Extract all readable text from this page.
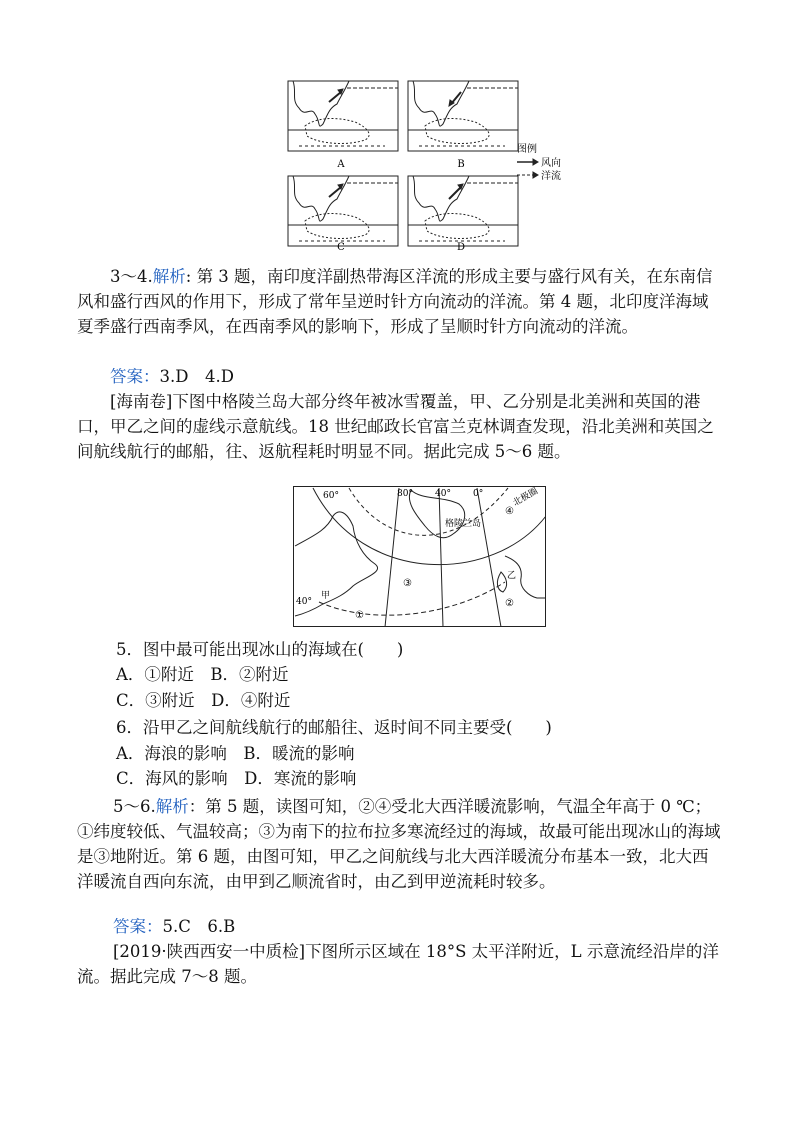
A	B
C	D
图例
风向
洋流

3～4.解析: 第 3 题，南印度洋副热带海区洋流的形成主要与盛行风有关，在东南信风和盛行西风的作用下，形成了常年呈逆时针方向流动的洋流。第 4 题，北印度洋海域夏季盛行西南季风，在西南季风的影响下，形成了呈顺时针方向流动的洋流。

答案：3.D　4.D

[海南卷]下图中格陵兰岛大部分终年被冰雪覆盖，甲、乙分别是北美洲和英国的港口，甲乙之间的虚线示意航线。18 世纪邮政长官富兰克林调查发现，沿北美洲和英国之间航线航行的邮船，往、返航程耗时明显不同。据此完成 5～6 题。

60°
40°
80° 40° 0°
格陵兰岛
北极圈
甲
乙
①
②
③
④

5．图中最可能出现冰山的海域在(　　)

A．①附近　B．②附近

C．③附近　D．④附近

6．沿甲乙之间航线航行的邮船往、返时间不同主要受(　　)

A．海浪的影响　B．暖流的影响

C．海风的影响　D．寒流的影响

5～6.解析：第 5 题，读图可知，②④受北大西洋暖流影响，气温全年高于 0 ℃；①纬度较低、气温较高；③为南下的拉布拉多寒流经过的海域，故最可能出现冰山的海域是③地附近。第 6 题，由图可知，甲乙之间航线与北大西洋暖流分布基本一致，北大西洋暖流自西向东流，由甲到乙顺流省时，由乙到甲逆流耗时较多。

答案：5.C　6.B

[2019·陕西西安一中质检]下图所示区域在 18°S 太平洋附近，L 示意流经沿岸的洋流。据此完成 7～8 题。
